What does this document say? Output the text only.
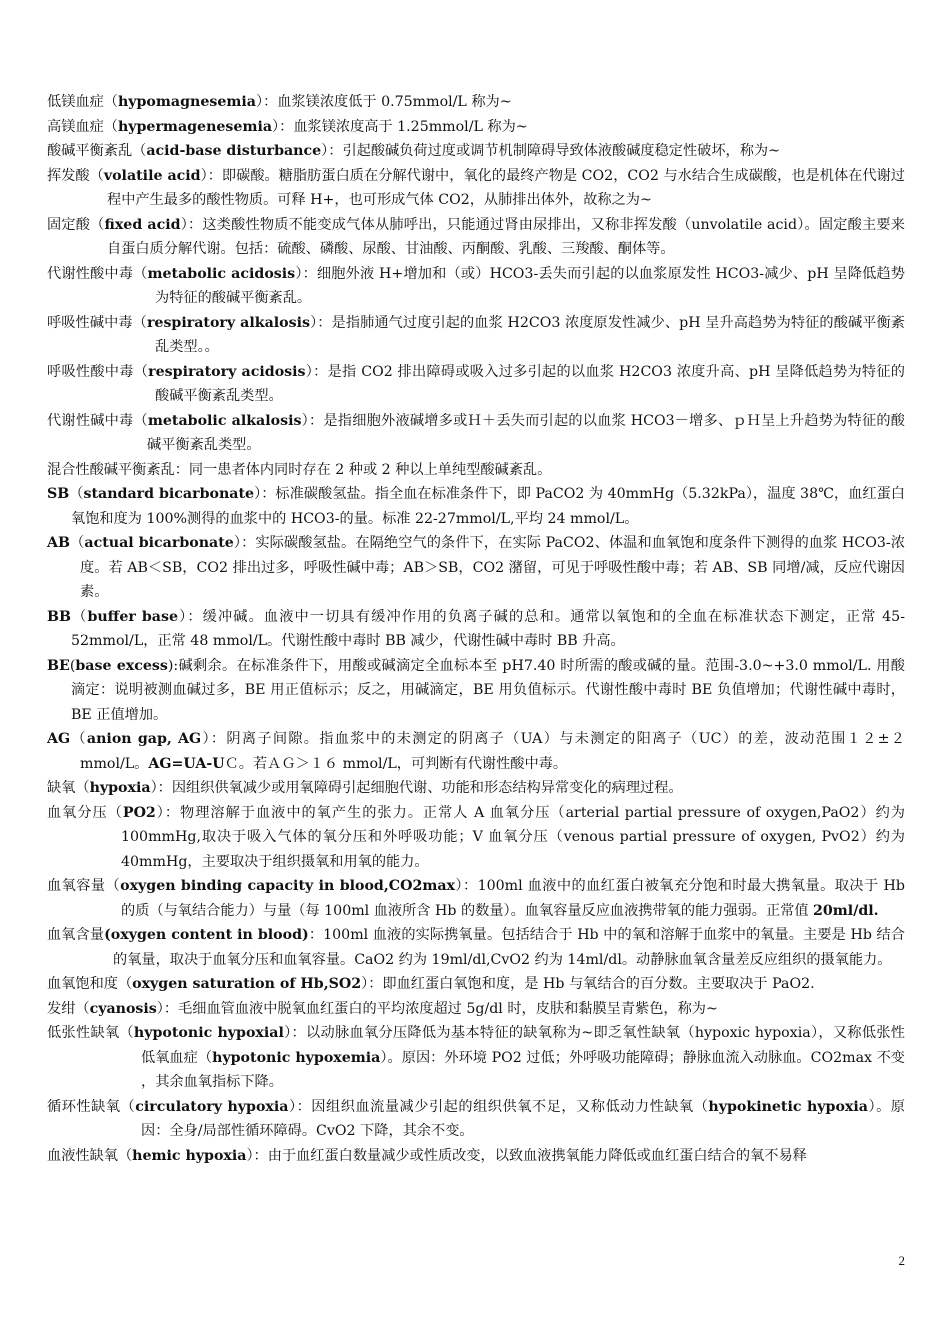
低镁血症（hypomagnesemia）：血浆镁浓度低于 0.75mmol/L 称为~

高镁血症（hypermagenesemia）：血浆镁浓度高于 1.25mmol/L 称为~

酸碱平衡紊乱（acid-base disturbance）：引起酸碱负荷过度或调节机制障碍导致体液酸碱度稳定性破坏，称为~

挥发酸（volatile acid）：即碳酸。糖脂肪蛋白质在分解代谢中，氧化的最终产物是 CO2，CO2 与水结合生成碳酸，也是机体在代谢过程中产生最多的酸性物质。可释 H+，也可形成气体 CO2，从肺排出体外，故称之为~

固定酸（fixed acid）：这类酸性物质不能变成气体从肺呼出，只能通过肾由尿排出，又称非挥发酸（unvolatile acid）。固定酸主要来自蛋白质分解代谢。包括：硫酸、磷酸、尿酸、甘油酸、丙酮酸、乳酸、三羧酸、酮体等。

代谢性酸中毒（metabolic acidosis）：细胞外液 H+增加和（或）HCO3-丢失而引起的以血浆原发性 HCO3-减少、pH 呈降低趋势为特征的酸碱平衡紊乱。

呼吸性碱中毒（respiratory alkalosis）：是指肺通气过度引起的血浆 H2CO3 浓度原发性减少、pH 呈升高趋势为特征的酸碱平衡紊乱类型。。

呼吸性酸中毒（respiratory acidosis）：是指 CO2 排出障碍或吸入过多引起的以血浆 H2CO3 浓度升高、pH 呈降低趋势为特征的酸碱平衡紊乱类型。

代谢性碱中毒（metabolic alkalosis）：是指细胞外液碱增多或Ｈ＋丢失而引起的以血浆 HCO3－增多、ｐＨ呈上升趋势为特征的酸碱平衡紊乱类型。

混合性酸碱平衡紊乱：同一患者体内同时存在 2 种或 2 种以上单纯型酸碱紊乱。

SB（standard bicarbonate）：标准碳酸氢盐。指全血在标准条件下，即 PaCO2 为 40mmHg（5.32kPa），温度 38℃，血红蛋白氧饱和度为 100%测得的血浆中的 HCO3-的量。标准 22-27mmol/L,平均 24 mmol/L。

AB（actual bicarbonate）：实际碳酸氢盐。在隔绝空气的条件下，在实际 PaCO2、体温和血氧饱和度条件下测得的血浆 HCO3-浓度。若 AB＜SB，CO2 排出过多，呼吸性碱中毒；AB＞SB，CO2 潴留，可见于呼吸性酸中毒；若 AB、SB 同增/减，反应代谢因素。

BB（buffer base）：缓冲碱。血液中一切具有缓冲作用的负离子碱的总和。通常以氧饱和的全血在标准状态下测定，正常 45-52mmol/L，正常 48 mmol/L。代谢性酸中毒时 BB 减少，代谢性碱中毒时 BB 升高。

BE(base excess):碱剩余。在标准条件下，用酸或碱滴定全血标本至 pH7.40 时所需的酸或碱的量。范围-3.0~+3.0 mmol/L. 用酸滴定：说明被测血碱过多，BE 用正值标示；反之，用碱滴定，BE 用负值标示。代谢性酸中毒时 BE 负值增加；代谢性碱中毒时，BE 正值增加。

AG（anion gap, AG）：阴离子间隙。指血浆中的未测定的阴离子（UA）与未测定的阳离子（UC）的差，波动范围１２±２mmol/L。AG=UA-UＣ。若ＡＧ＞１６ mmol/L，可判断有代谢性酸中毒。

缺氧（hypoxia）：因组织供氧减少或用氧障碍引起细胞代谢、功能和形态结构异常变化的病理过程。

血氧分压（PO2）：物理溶解于血液中的氧产生的张力。正常人 A 血氧分压（arterial partial pressure of oxygen,PaO2）约为 100mmHg,取决于吸入气体的氧分压和外呼吸功能；V 血氧分压（venous partial pressure of oxygen, PvO2）约为 40mmHg，主要取决于组织摄氧和用氧的能力。

血氧容量（oxygen binding capacity in blood,CO2max）：100ml 血液中的血红蛋白被氧充分饱和时最大携氧量。取决于 Hb 的质（与氧结合能力）与量（每 100ml 血液所含 Hb 的数量）。血氧容量反应血液携带氧的能力强弱。正常值 20ml/dl.

血氧含量(oxygen content in blood)：100ml 血液的实际携氧量。包括结合于 Hb 中的氧和溶解于血浆中的氧量。主要是 Hb 结合的氧量，取决于血氧分压和血氧容量。CaO2 约为 19ml/dl,CvO2 约为 14ml/dl。动静脉血氧含量差反应组织的摄氧能力。

血氧饱和度（oxygen saturation of Hb,SO2）：即血红蛋白氧饱和度，是 Hb 与氧结合的百分数。主要取决于 PaO2.

发绀（cyanosis）：毛细血管血液中脱氧血红蛋白的平均浓度超过 5g/dl 时，皮肤和黏膜呈青紫色，称为~

低张性缺氧（hypotonic hypoxial）：以动脉血氧分压降低为基本特征的缺氧称为~即乏氧性缺氧（hypoxic hypoxia），又称低张性低氧血症（hypotonic hypoxemia）。原因：外环境 PO2 过低；外呼吸功能障碍；静脉血流入动脉血。CO2max 不变 ，其余血氧指标下降。

循环性缺氧（circulatory hypoxia）：因组织血流量减少引起的组织供氧不足，又称低动力性缺氧（hypokinetic hypoxia）。原因：全身/局部性循环障碍。CvO2 下降，其余不变。

血液性缺氧（hemic hypoxia）：由于血红蛋白数量减少或性质改变，以致血液携氧能力降低或血红蛋白结合的氧不易释

2
